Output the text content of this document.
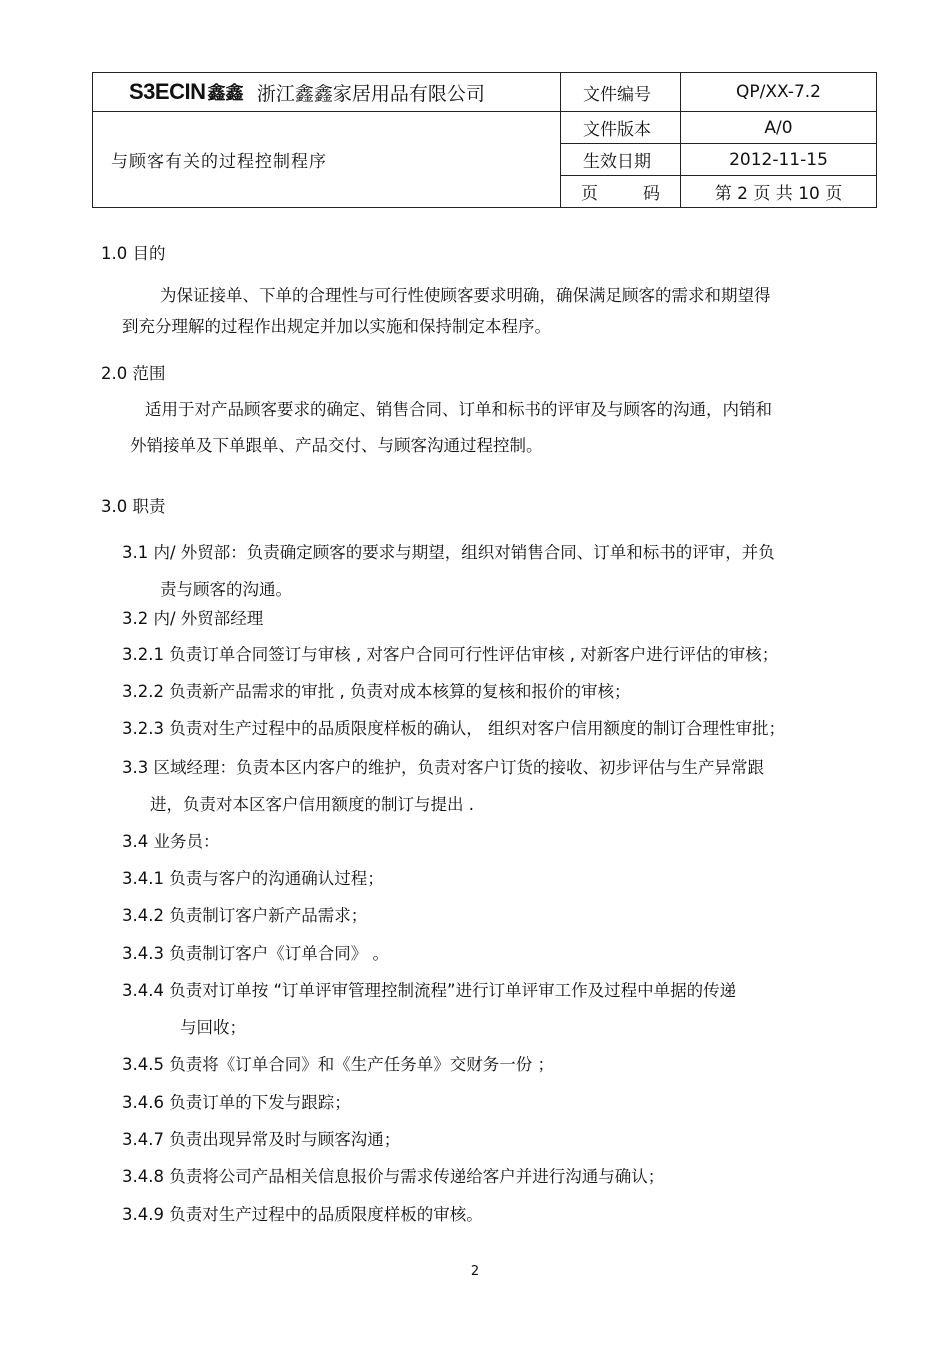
S3ECIN 鑫鑫 浙江鑫鑫家居用品有限公司	文件编号	QP/XX-7.2
与顾客有关的过程控制程序	文件版本	A/0
	生效日期	2012-11-15

	页 码	第 2 页 共 10 页
1.0 目的
为保证接单、下单的合理性与可行性使顾客要求明确，确保满足顾客的需求和期望得
到充分理解的过程作出规定并加以实施和保持制定本程序。
2.0 范围
适用于对产品顾客要求的确定、销售合同、订单和标书的评审及与顾客的沟通，内销和
外销接单及下单跟单、产品交付、与顾客沟通过程控制。
3.0 职责
3.1 内/ 外贸部：负责确定顾客的要求与期望，组织对销售合同、订单和标书的评审，并负
责与顾客的沟通。
3.2 内/ 外贸部经理
3.2.1 负责订单合同签订与审核 , 对客户合同可行性评估审核 , 对新客户进行评估的审核；
3.2.2 负责新产品需求的审批 , 负责对成本核算的复核和报价的审核；
3.2.3 负责对生产过程中的品质限度样板的确认， 组织对客户信用额度的制订合理性审批；
3.3 区域经理：负责本区内客户的维护，负责对客户订货的接收、初步评估与生产异常跟
进，负责对本区客户信用额度的制订与提出 .
3.4 业务员：
3.4.1 负责与客户的沟通确认过程；
3.4.2 负责制订客户新产品需求；
3.4.3 负责制订客户《订单合同》 。
3.4.4 负责对订单按 “订单评审管理控制流程”进行订单评审工作及过程中单据的传递
与回收；
3.4.5 负责将《订单合同》和《生产任务单》交财务一份 ；
3.4.6 负责订单的下发与跟踪；
3.4.7 负责出现异常及时与顾客沟通；
3.4.8 负责将公司产品相关信息报价与需求传递给客户并进行沟通与确认；
3.4.9 负责对生产过程中的品质限度样板的审核。
2
